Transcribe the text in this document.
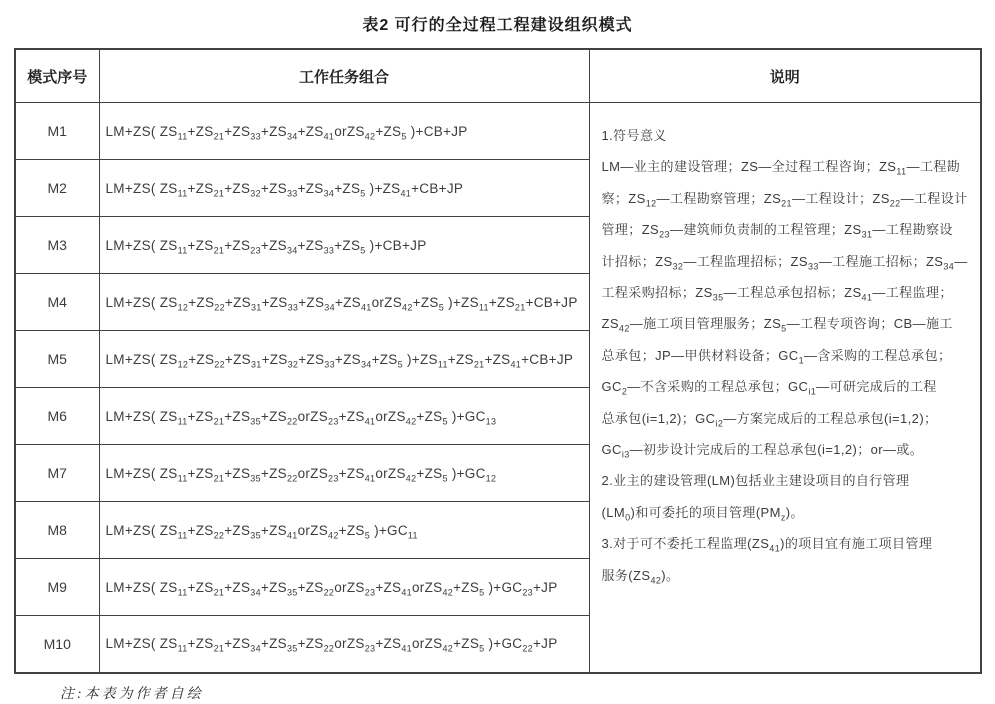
表2 可行的全过程工程建设组织模式
模式序号	工作任务组合	说明
M1	LM+ZS( $ZS_{11}+ZS_{21}+ZS_{33}+ZS_{34}+ZS_{41}orZS_{42}+ZS_5$ )+CB+JP	1.符号意义
LM—业主的建设管理；ZS—全过程工程咨询；$ZS_{11}—$工程勘
察；$ZS_{12}—$工程勘察管理；$ZS_{21}—$工程设计；$ZS_{22}—$工程设计
管理；$ZS_{23}—$建筑师负责制的工程管理；$ZS_{31}—$工程勘察设
计招标；$ZS_{32}—$工程监理招标；$ZS_{33}—$工程施工招标；$ZS_{34}—$
工程采购招标；$ZS_{35}—$工程总承包招标；$ZS_{41}—$工程监理；
$ZS_{42}—$施工项目管理服务；$ZS_5—$工程专项咨询；CB—施工
总承包；JP—甲供材料设备；$GC_1—$含采购的工程总承包；
$GC_2—$不含采购的工程总承包；$GC_{i1}—$可研完成后的工程
总承包(i=1,2)；$GC_{i2}—$方案完成后的工程总承包(i=1,2)；
$GC_{i3}—$初步设计完成后的工程总承包(i=1,2)；or—或。
2.业主的建设管理(LM)包括业主建设项目的自行管理
$(LM_0)$和可委托的项目管理$(PM_z)$。
3.对于可不委托工程监理$(ZS_{41})$的项目宜有施工项目管理
服务$(ZS_{42})$。

M2	LM+ZS( $ZS_{11}+ZS_{21}+ZS_{32}+ZS_{33}+ZS_{34}+ZS_5$ )$+ZS_{41}+CB+JP$	
M3	LM+ZS( $ZS_{11}+ZS_{21}+ZS_{23}+ZS_{34}+ZS_{33}+ZS_5$ )+CB+JP	
M4	LM+ZS( $ZS_{12}+ZS_{22}+ZS_{31}+ZS_{33}+ZS_{34}+ZS_{41}orZS_{42}+ZS_5$ )$+ZS_{11}+ZS_{21}+CB+JP$	
M5	LM+ZS( $ZS_{12}+ZS_{22}+ZS_{31}+ZS_{32}+ZS_{33}+ZS_{34}+ZS_5$ )$+ZS_{11}+ZS_{21}+ZS_{41}+CB+JP$	
M6	LM+ZS( $ZS_{11}+ZS_{21}+ZS_{35}+ZS_{22}orZS_{23}+ZS_{41}orZS_{42}+ZS_5$ )$+GC_{13}$
M7	LM+ZS( $ZS_{11}+ZS_{21}+ZS_{35}+ZS_{22}orZS_{23}+ZS_{41}orZS_{42}+ZS_5$ )$+GC_{12}$
M8	LM+ZS( $ZS_{11}+ZS_{22}+ZS_{35}+ZS_{41}orZS_{42}+ZS_5$ )$+GC_{11}$
M9	LM+ZS( $ZS_{11}+ZS_{21}+ZS_{34}+ZS_{35}+ZS_{22}orZS_{23}+ZS_{41}orZS_{42}+ZS_5$ )$+GC_{23}+JP$	
M10	LM+ZS( $ZS_{11}+ZS_{21}+ZS_{34}+ZS_{35}+ZS_{22}orZS_{23}+ZS_{41}orZS_{42}+ZS_5$ )$+GC_{22}+JP$	
注:本表为作者自绘
